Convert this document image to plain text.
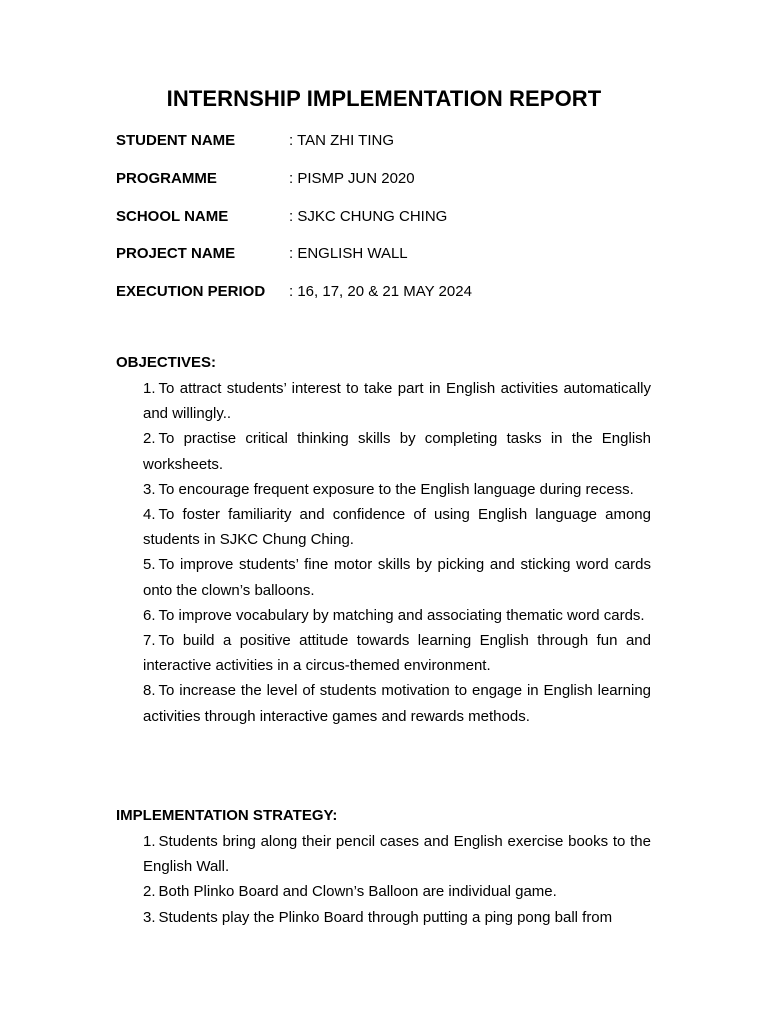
INTERNSHIP IMPLEMENTATION REPORT
STUDENT NAME	: TAN ZHI TING
PROGRAMME	: PISMP JUN 2020
SCHOOL NAME	: SJKC CHUNG CHING
PROJECT NAME	: ENGLISH WALL
EXECUTION PERIOD : 16, 17, 20 & 21 MAY 2024
OBJECTIVES:
1. To attract students’ interest to take part in English activities automatically and willingly..
2. To practise critical thinking skills by completing tasks in the English worksheets.
3. To encourage frequent exposure to the English language during recess.
4. To foster familiarity and confidence of using English language among students in SJKC Chung Ching.
5. To improve students’ fine motor skills by picking and sticking word cards onto the clown’s balloons.
6. To improve vocabulary by matching and associating thematic word cards.
7. To build a positive attitude towards learning English through fun and interactive activities in a circus-themed environment.
8. To increase the level of students motivation to engage in English learning activities through interactive games and rewards methods.
IMPLEMENTATION STRATEGY:
1. Students bring along their pencil cases and English exercise books to the English Wall.
2. Both Plinko Board and Clown’s Balloon are individual game.
3. Students play the Plinko Board through putting a ping pong ball from
